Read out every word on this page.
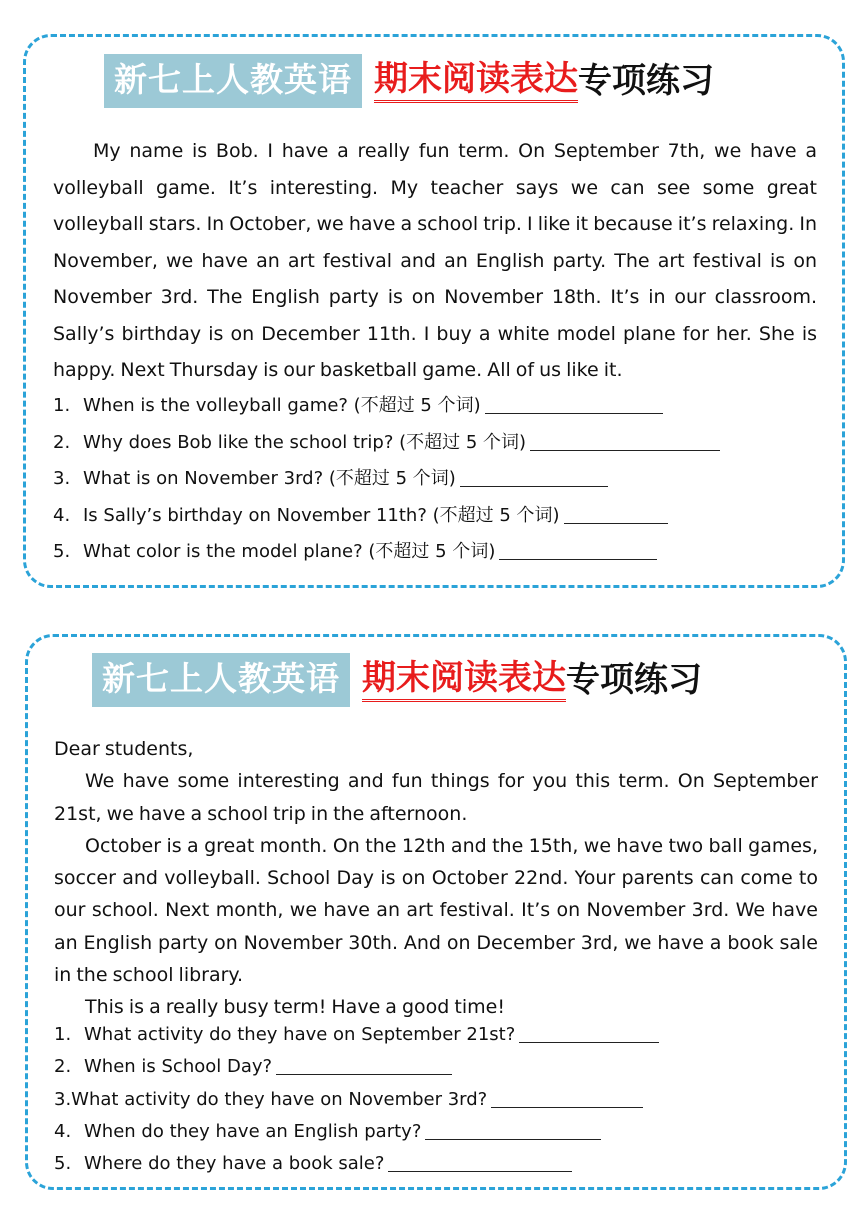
新七上人教英语 期末阅读表达 专项练习

My name is Bob. I have a really fun term. On September 7th, we have a volleyball game. It’s interesting. My teacher says we can see some great volleyball stars. In October, we have a school trip. I like it because it’s relaxing. In November, we have an art festival and an English party. The art festival is on November 3rd. The English party is on November 18th. It’s in our classroom. Sally’s birthday is on December 11th. I buy a white model plane for her. She is happy. Next Thursday is our basketball game. All of us like it.

1. When is the volleyball game? (不超过 5 个词)
2. Why does Bob like the school trip? (不超过 5 个词)
3. What is on November 3rd? (不超过 5 个词)
4. Is Sally’s birthday on November 11th? (不超过 5 个词)
5. What color is the model plane? (不超过 5 个词)
新七上人教英语 期末阅读表达 专项练习

Dear students,

We have some interesting and fun things for you this term. On September 21st, we have a school trip in the afternoon.

October is a great month. On the 12th and the 15th, we have two ball games, soccer and volleyball. School Day is on October 22nd. Your parents can come to our school. Next month, we have an art festival. It’s on November 3rd. We have an English party on November 30th. And on December 3rd, we have a book sale in the school library.

This is a really busy term! Have a good time!

1. What activity do they have on September 21st?
2. When is School Day?
3.What activity do they have on November 3rd?
4. When do they have an English party?
5. Where do they have a book sale?
